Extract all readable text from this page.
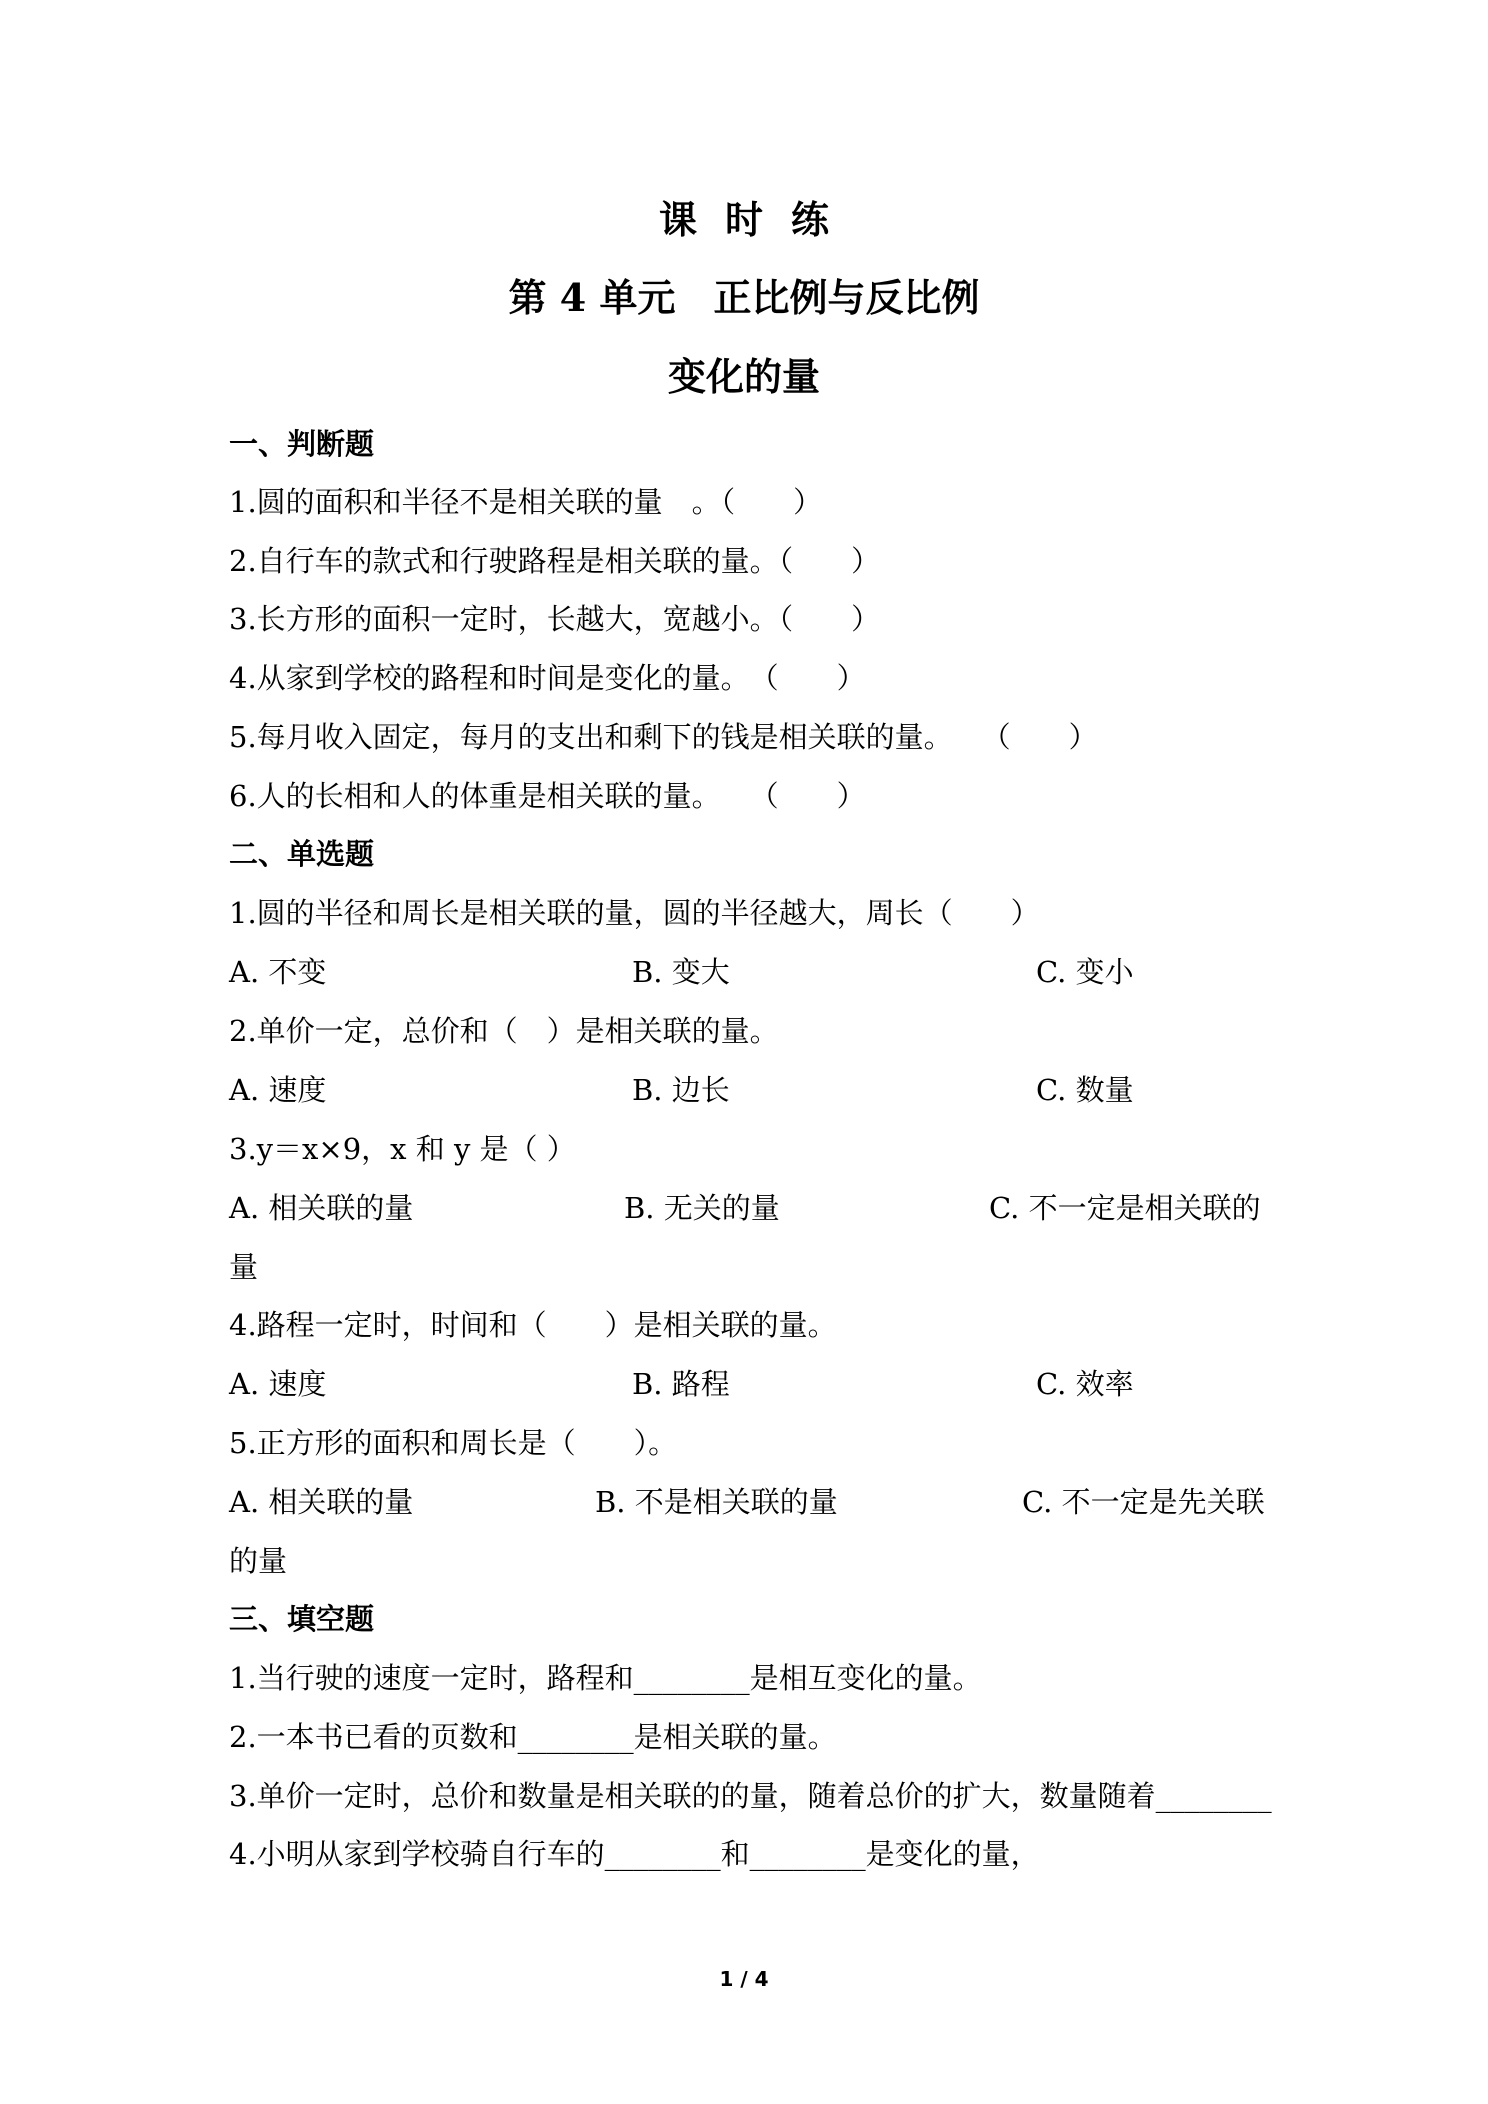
课时练
第 4 单元　正比例与反比例
变化的量
一、判断题
1.圆的面积和半径不是相关联的量　。（　　）
2.自行车的款式和行驶路程是相关联的量。（　　）
3.长方形的面积一定时，长越大，宽越小。（　　）
4.从家到学校的路程和时间是变化的量。　（　　）
5.每月收入固定，每月的支出和剩下的钱是相关联的量。　　（　　）
6.人的长相和人的体重是相关联的量。　　（　　）
二、单选题
1.圆的半径和周长是相关联的量，圆的半径越大，周长（　　）
A. 不变	B. 变大	C. 变小
2.单价一定，总价和（　）是相关联的量。
A. 速度	B. 边长	C. 数量
3.y＝x×9，x 和 y 是（ ）
A. 相关联的量	B. 无关的量	C. 不一定是相关联的
量
4.路程一定时，时间和（　　）是相关联的量。
A. 速度	B. 路程	C. 效率
5.正方形的面积和周长是（　　）。
A. 相关联的量	B. 不是相关联的量	C. 不一定是先关联
的量
三、填空题
1.当行驶的速度一定时，路程和________是相互变化的量。
2.一本书已看的页数和________是相关联的量。
3.单价一定时，总价和数量是相关联的的量，随着总价的扩大，数量随着________
4.小明从家到学校骑自行车的________和________是变化的量，
1 / 4
